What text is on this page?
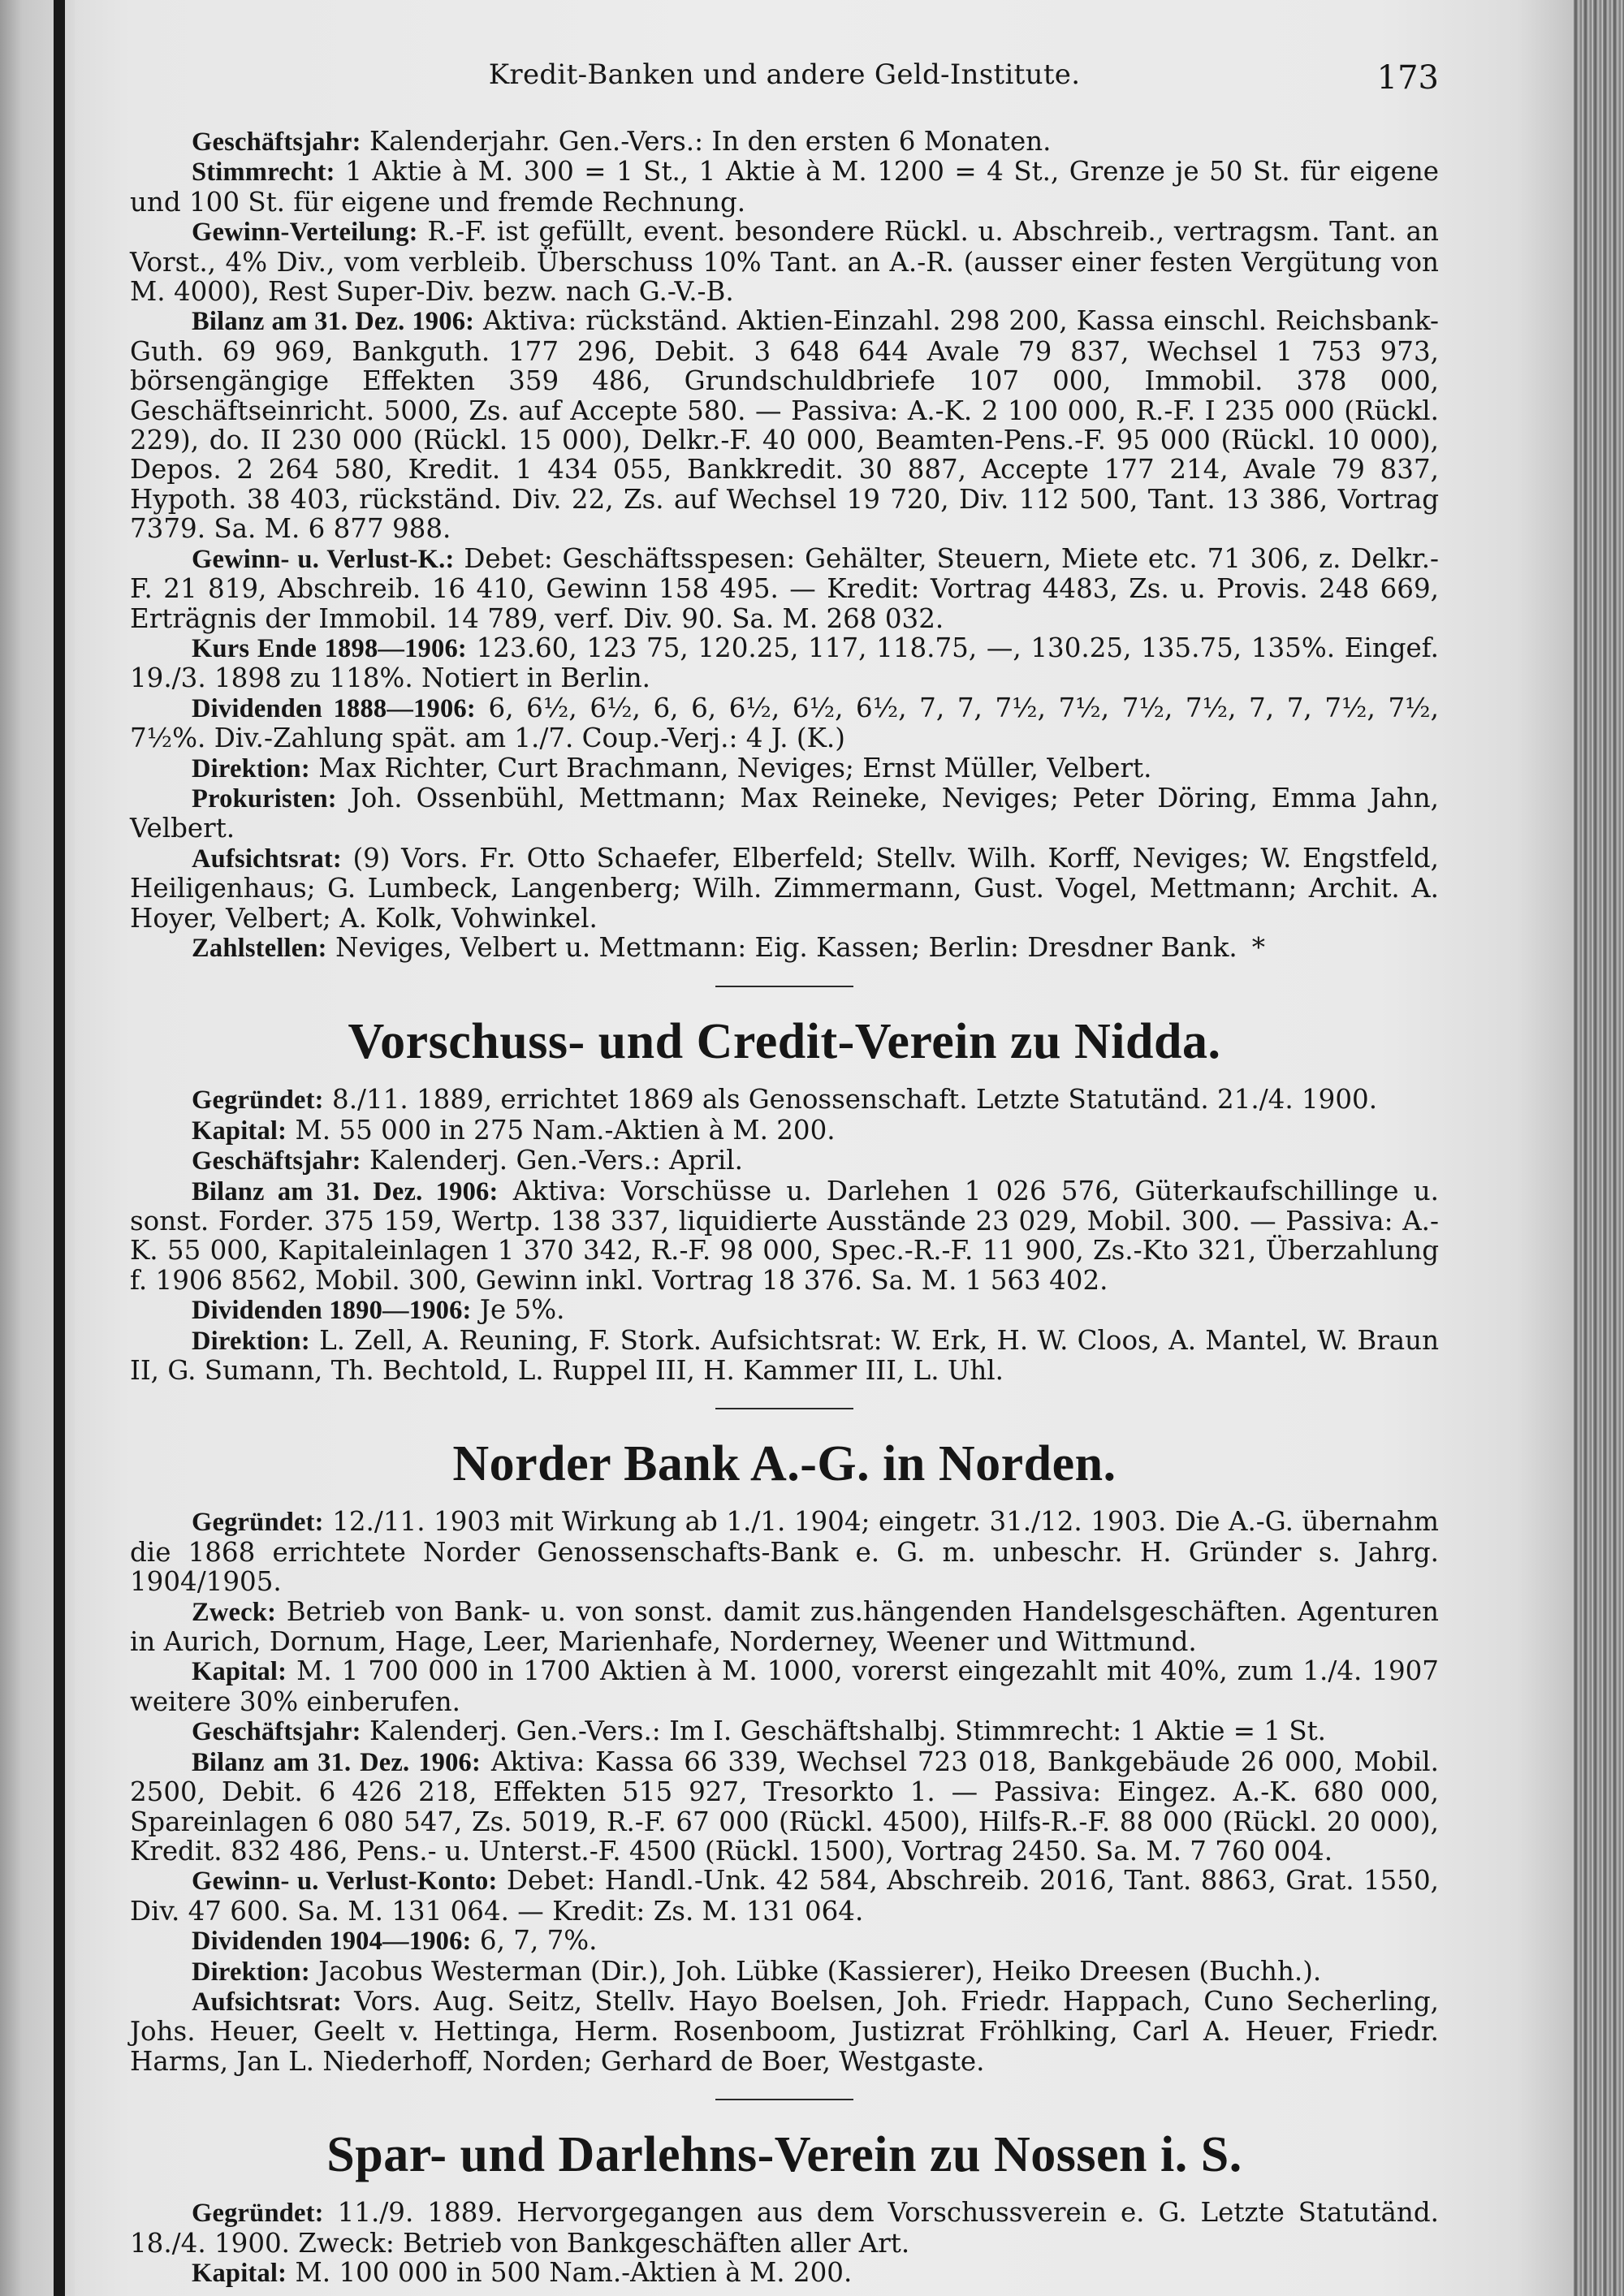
Kredit-Banken und andere Geld-Institute.	173

Geschäftsjahr: Kalenderjahr. Gen.-Vers.: In den ersten 6 Monaten.

Stimmrecht: 1 Aktie à M. 300 = 1 St., 1 Aktie à M. 1200 = 4 St., Grenze je 50 St. für eigene und 100 St. für eigene und fremde Rechnung.

Gewinn-Verteilung: R.-F. ist gefüllt, event. besondere Rückl. u. Abschreib., vertragsm. Tant. an Vorst., 4% Div., vom verbleib. Überschuss 10% Tant. an A.-R. (ausser einer festen Vergütung von M. 4000), Rest Super-Div. bezw. nach G.-V.-B.

Bilanz am 31. Dez. 1906: Aktiva: rückständ. Aktien-Einzahl. 298 200, Kassa einschl. Reichsbank-Guth. 69 969, Bankguth. 177 296, Debit. 3 648 644 Avale 79 837, Wechsel 1 753 973, börsengängige Effekten 359 486, Grundschuldbriefe 107 000, Immobil. 378 000, Geschäftseinricht. 5000, Zs. auf Accepte 580. — Passiva: A.-K. 2 100 000, R.-F. I 235 000 (Rückl. 229), do. II 230 000 (Rückl. 15 000), Delkr.-F. 40 000, Beamten-Pens.-F. 95 000 (Rückl. 10 000), Depos. 2 264 580, Kredit. 1 434 055, Bankkredit. 30 887, Accepte 177 214, Avale 79 837, Hypoth. 38 403, rückständ. Div. 22, Zs. auf Wechsel 19 720, Div. 112 500, Tant. 13 386, Vortrag 7379. Sa. M. 6 877 988.

Gewinn- u. Verlust-K.: Debet: Geschäftsspesen: Gehälter, Steuern, Miete etc. 71 306, z. Delkr.-F. 21 819, Abschreib. 16 410, Gewinn 158 495. — Kredit: Vortrag 4483, Zs. u. Provis. 248 669, Erträgnis der Immobil. 14 789, verf. Div. 90. Sa. M. 268 032.

Kurs Ende 1898—1906: 123.60, 123 75, 120.25, 117, 118.75, —, 130.25, 135.75, 135%. Eingef. 19./3. 1898 zu 118%. Notiert in Berlin.

Dividenden 1888—1906: 6, 6½, 6½, 6, 6, 6½, 6½, 6½, 7, 7, 7½, 7½, 7½, 7½, 7, 7, 7½, 7½, 7½%. Div.-Zahlung spät. am 1./7. Coup.-Verj.: 4 J. (K.)

Direktion: Max Richter, Curt Brachmann, Neviges; Ernst Müller, Velbert.

Prokuristen: Joh. Ossenbühl, Mettmann; Max Reineke, Neviges; Peter Döring, Emma Jahn, Velbert.

Aufsichtsrat: (9) Vors. Fr. Otto Schaefer, Elberfeld; Stellv. Wilh. Korff, Neviges; W. Engstfeld, Heiligenhaus; G. Lumbeck, Langenberg; Wilh. Zimmermann, Gust. Vogel, Mettmann; Archit. A. Hoyer, Velbert; A. Kolk, Vohwinkel.

Zahlstellen: Neviges, Velbert u. Mettmann: Eig. Kassen; Berlin: Dresdner Bank. *

Vorschuss- und Credit-Verein zu Nidda.

Gegründet: 8./11. 1889, errichtet 1869 als Genossenschaft. Letzte Statutänd. 21./4. 1900.

Kapital: M. 55 000 in 275 Nam.-Aktien à M. 200.

Geschäftsjahr: Kalenderj. Gen.-Vers.: April.

Bilanz am 31. Dez. 1906: Aktiva: Vorschüsse u. Darlehen 1 026 576, Güterkaufschillinge u. sonst. Forder. 375 159, Wertp. 138 337, liquidierte Ausstände 23 029, Mobil. 300. — Passiva: A.-K. 55 000, Kapitaleinlagen 1 370 342, R.-F. 98 000, Spec.-R.-F. 11 900, Zs.-Kto 321, Überzahlung f. 1906 8562, Mobil. 300, Gewinn inkl. Vortrag 18 376. Sa. M. 1 563 402.

Dividenden 1890—1906: Je 5%.

Direktion: L. Zell, A. Reuning, F. Stork. Aufsichtsrat: W. Erk, H. W. Cloos, A. Mantel, W. Braun II, G. Sumann, Th. Bechtold, L. Ruppel III, H. Kammer III, L. Uhl.

Norder Bank A.-G. in Norden.

Gegründet: 12./11. 1903 mit Wirkung ab 1./1. 1904; eingetr. 31./12. 1903. Die A.-G. übernahm die 1868 errichtete Norder Genossenschafts-Bank e. G. m. unbeschr. H. Gründer s. Jahrg. 1904/1905.

Zweck: Betrieb von Bank- u. von sonst. damit zus.hängenden Handelsgeschäften. Agenturen in Aurich, Dornum, Hage, Leer, Marienhafe, Norderney, Weener und Wittmund.

Kapital: M. 1 700 000 in 1700 Aktien à M. 1000, vorerst eingezahlt mit 40%, zum 1./4. 1907 weitere 30% einberufen.

Geschäftsjahr: Kalenderj. Gen.-Vers.: Im I. Geschäftshalbj. Stimmrecht: 1 Aktie = 1 St.

Bilanz am 31. Dez. 1906: Aktiva: Kassa 66 339, Wechsel 723 018, Bankgebäude 26 000, Mobil. 2500, Debit. 6 426 218, Effekten 515 927, Tresorkto 1. — Passiva: Eingez. A.-K. 680 000, Spareinlagen 6 080 547, Zs. 5019, R.-F. 67 000 (Rückl. 4500), Hilfs-R.-F. 88 000 (Rückl. 20 000), Kredit. 832 486, Pens.- u. Unterst.-F. 4500 (Rückl. 1500), Vortrag 2450. Sa. M. 7 760 004.

Gewinn- u. Verlust-Konto: Debet: Handl.-Unk. 42 584, Abschreib. 2016, Tant. 8863, Grat. 1550, Div. 47 600. Sa. M. 131 064. — Kredit: Zs. M. 131 064.

Dividenden 1904—1906: 6, 7, 7%.

Direktion: Jacobus Westerman (Dir.), Joh. Lübke (Kassierer), Heiko Dreesen (Buchh.).

Aufsichtsrat: Vors. Aug. Seitz, Stellv. Hayo Boelsen, Joh. Friedr. Happach, Cuno Secherling, Johs. Heuer, Geelt v. Hettinga, Herm. Rosenboom, Justizrat Fröhlking, Carl A. Heuer, Friedr. Harms, Jan L. Niederhoff, Norden; Gerhard de Boer, Westgaste.

Spar- und Darlehns-Verein zu Nossen i. S.

Gegründet: 11./9. 1889. Hervorgegangen aus dem Vorschussverein e. G. Letzte Statutänd. 18./4. 1900. Zweck: Betrieb von Bankgeschäften aller Art.

Kapital: M. 100 000 in 500 Nam.-Aktien à M. 200.
